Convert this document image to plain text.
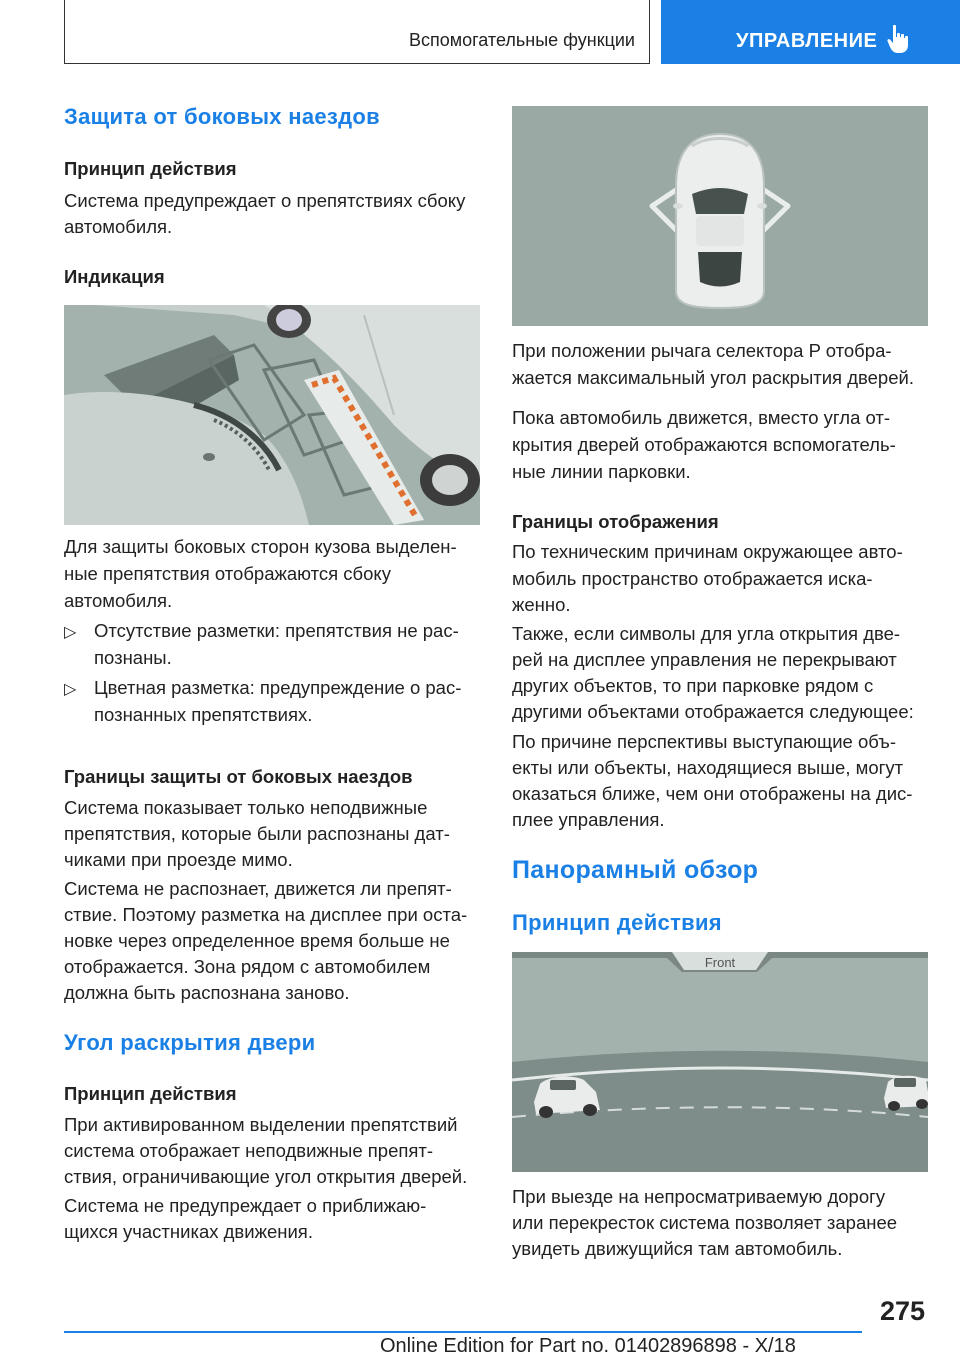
Вспомогательные функции	УПРАВЛЕНИЕ
Защита от боковых наездов
Принцип действия
Система предупреждает о препятствиях сбоку
автомобиля.
Индикация
Для защиты боковых сторон кузова выделен-
ные препятствия отображаются сбоку
автомобиля.
▷ Отсутствие разметки: препятствия не рас-
познаны.
▷ Цветная разметка: предупреждение о рас-
познанных препятствиях.
Границы защиты от боковых наездов
Система показывает только неподвижные
препятствия, которые были распознаны дат-
чиками при проезде мимо.
Система не распознает, движется ли препят-
ствие. Поэтому разметка на дисплее при оста-
новке через определенное время больше не
отображается. Зона рядом с автомобилем
должна быть распознана заново.
Угол раскрытия двери
Принцип действия
При активированном выделении препятствий
система отображает неподвижные препят-
ствия, ограничивающие угол открытия дверей.
Система не предупреждает о приближаю-
щихся участниках движения.
При положении рычага селектора P отобра-
жается максимальный угол раскрытия дверей.
Пока автомобиль движется, вместо угла от-
крытия дверей отображаются вспомогатель-
ные линии парковки.
Границы отображения
По техническим причинам окружающее авто-
мобиль пространство отображается иска-
женно.
Также, если символы для угла открытия две-
рей на дисплее управления не перекрывают
других объектов, то при парковке рядом с
другими объектами отображается следующее:
По причине перспективы выступающие объ-
екты или объекты, находящиеся выше, могут
оказаться ближе, чем они отображены на дис-
плее управления.
Панорамный обзор
Принцип действия
Front
При выезде на непросматриваемую дорогу
или перекресток система позволяет заранее
увидеть движущийся там автомобиль.
275
Online Edition for Part no. 01402896898 - X/18
